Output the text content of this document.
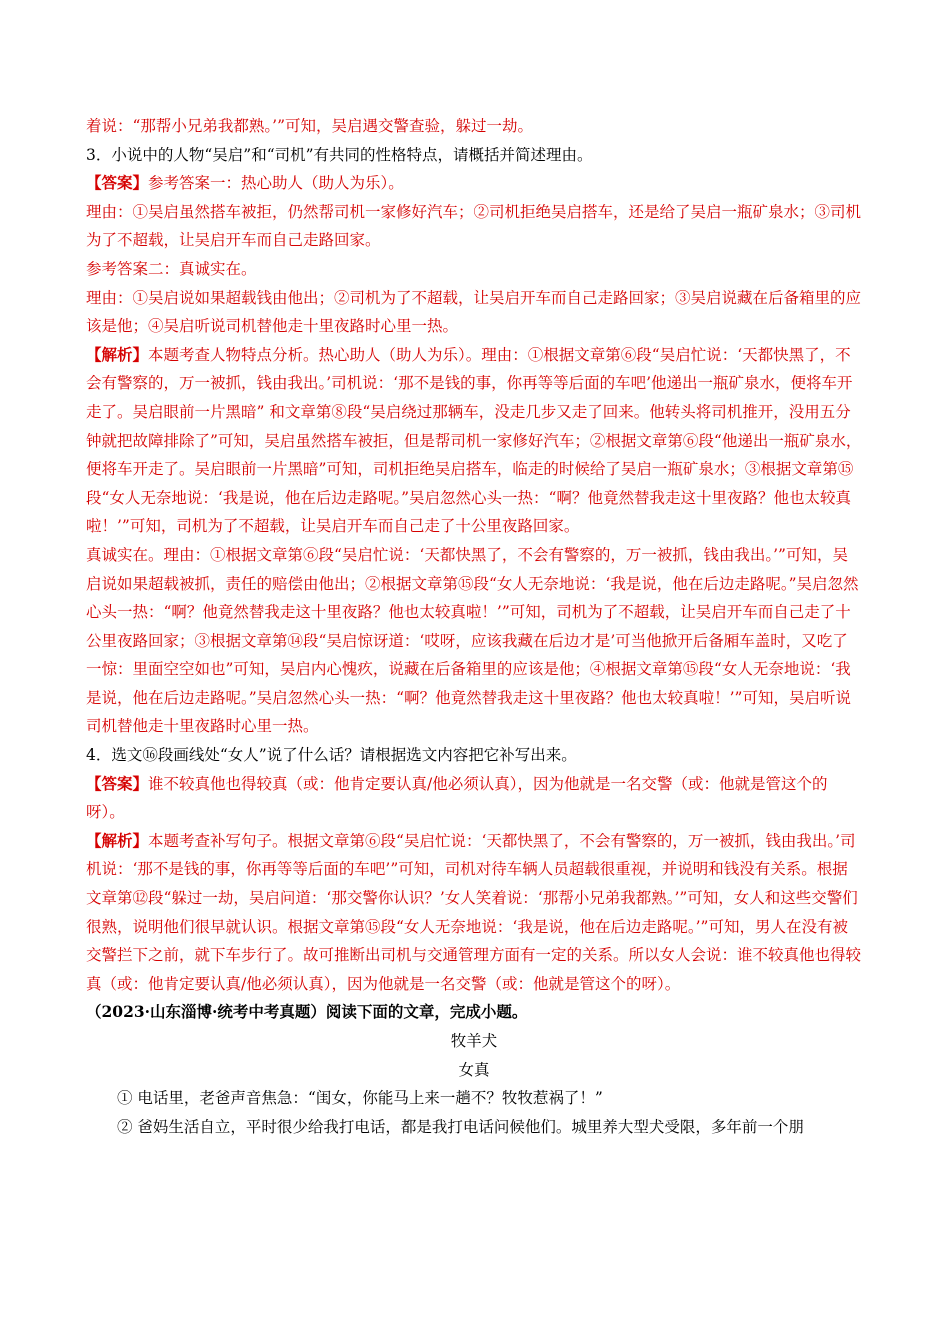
着说：“那帮小兄弟我都熟。’”可知，吴启遇交警查验，躲过一劫。

3．小说中的人物“吴启”和“司机”有共同的性格特点，请概括并简述理由。

【答案】参考答案一：热心助人（助人为乐）。

理由：①吴启虽然搭车被拒，仍然帮司机一家修好汽车；②司机拒绝吴启搭车，还是给了吴启一瓶矿泉水；③司机为了不超载，让吴启开车而自己走路回家。

参考答案二：真诚实在。

理由：①吴启说如果超载钱由他出；②司机为了不超载，让吴启开车而自己走路回家；③吴启说藏在后备箱里的应该是他；④吴启听说司机替他走十里夜路时心里一热。

【解析】本题考查人物特点分析。热心助人（助人为乐）。理由：①根据文章第⑥段“吴启忙说：‘天都快黑了，不会有警察的，万一被抓，钱由我出。’司机说：‘那不是钱的事，你再等等后面的车吧’他递出一瓶矿泉水，便将车开走了。吴启眼前一片黑暗” 和文章第⑧段“吴启绕过那辆车，没走几步又走了回来。他转头将司机推开，没用五分钟就把故障排除了”可知，吴启虽然搭车被拒，但是帮司机一家修好汽车；②根据文章第⑥段“他递出一瓶矿泉水，便将车开走了。吴启眼前一片黑暗”可知，司机拒绝吴启搭车，临走的时候给了吴启一瓶矿泉水；③根据文章第⑮段“女人无奈地说：‘我是说，他在后边走路呢。”吴启忽然心头一热：“啊？他竟然替我走这十里夜路？他也太较真啦！’”可知，司机为了不超载，让吴启开车而自己走了十公里夜路回家。

真诚实在。理由：①根据文章第⑥段“吴启忙说：‘天都快黑了，不会有警察的，万一被抓，钱由我出。’”可知，吴启说如果超载被抓，责任的赔偿由他出；②根据文章第⑮段“女人无奈地说：‘我是说，他在后边走路呢。”吴启忽然心头一热：“啊？他竟然替我走这十里夜路？他也太较真啦！’”可知，司机为了不超载，让吴启开车而自己走了十公里夜路回家；③根据文章第⑭段“吴启惊讶道：‘哎呀，应该我藏在后边才是’可当他掀开后备厢车盖时，又吃了一惊：里面空空如也”可知，吴启内心愧疚，说藏在后备箱里的应该是他；④根据文章第⑮段“女人无奈地说：‘我是说，他在后边走路呢。”吴启忽然心头一热：“啊？他竟然替我走这十里夜路？他也太较真啦！’”可知，吴启听说司机替他走十里夜路时心里一热。

4．选文⑯段画线处“女人”说了什么话？请根据选文内容把它补写出来。

【答案】谁不较真他也得较真（或：他肯定要认真/他必须认真），因为他就是一名交警（或：他就是管这个的呀）。

【解析】本题考查补写句子。根据文章第⑥段“吴启忙说：‘天都快黑了，不会有警察的，万一被抓，钱由我出。’司机说：‘那不是钱的事，你再等等后面的车吧’”可知，司机对待车辆人员超载很重视，并说明和钱没有关系。根据文章第⑫段“躲过一劫，吴启问道：‘那交警你认识？’女人笑着说：‘那帮小兄弟我都熟。’”可知，女人和这些交警们很熟，说明他们很早就认识。根据文章第⑮段“女人无奈地说：‘我是说，他在后边走路呢。’”可知，男人在没有被交警拦下之前，就下车步行了。故可推断出司机与交通管理方面有一定的关系。所以女人会说：谁不较真他也得较真（或：他肯定要认真/他必须认真），因为他就是一名交警（或：他就是管这个的呀）。

（2023·山东淄博·统考中考真题）阅读下面的文章，完成小题。

牧羊犬

女真

① 电话里，老爸声音焦急：“闺女，你能马上来一趟不？牧牧惹祸了！”

② 爸妈生活自立，平时很少给我打电话，都是我打电话问候他们。城里养大型犬受限，多年前一个朋
